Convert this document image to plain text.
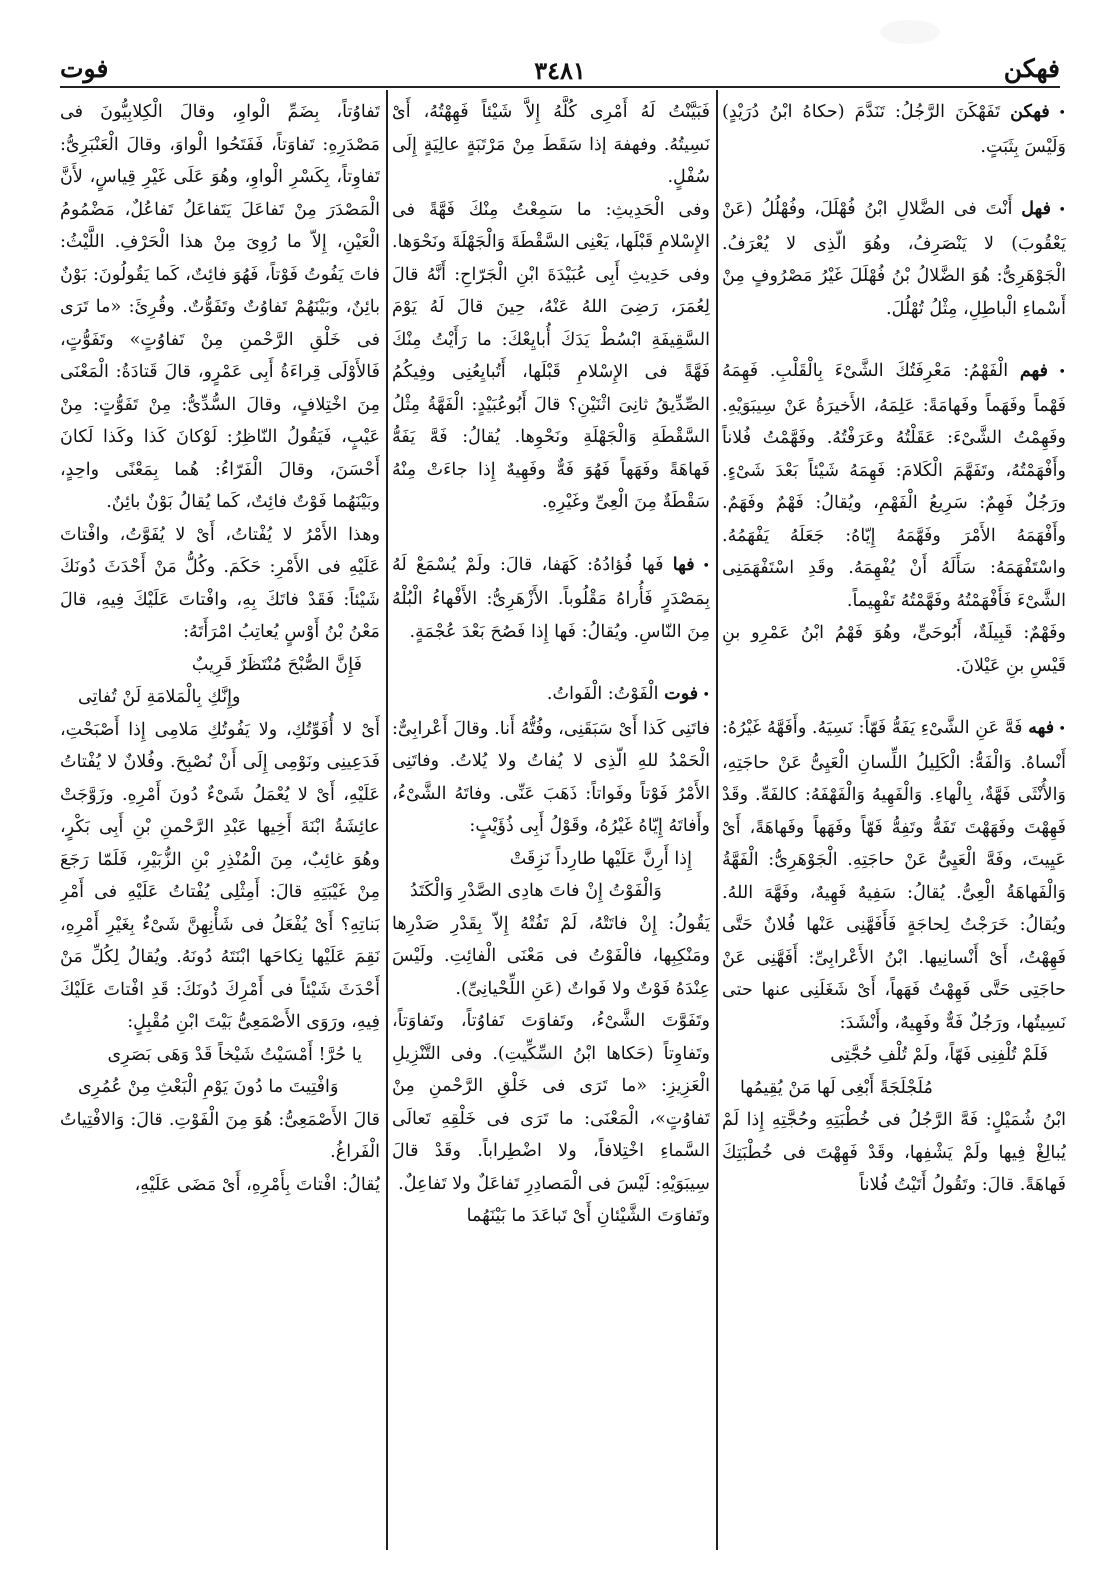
فهكن
٣٤٨١
فوت

• فهكن تَفَهْكَنَ الرَّجُلُ: تَنَدَّمَ (حكاهُ ابْنُ دُرَيْدٍ) وَلَيْسَ بِثَبَتٍ.

• فهل أَنْتَ فى الضَّلالِ ابْنُ فُهْلَلَ، وفُهْلُلُ (عَنْ يَعْقُوبَ) لا يَنْصَرِفُ، وهُوَ الّذِى لا يُعْرَفُ. الْجَوْهَرِىُّ: هُوَ الضَّلالُ بْنُ فُهْلَلَ غَيْرُ مَصْرُوفٍ مِنْ أَسْماءِ الْباطِلِ، مِثْلُ تُهْلُلَ.

• فهم الْفَهْمُ: مَعْرِفَتُكَ الشَّىْءَ بِالْقَلْبِ. فَهِمَهُ فَهْماً وفَهَماً وفَهامَةً: عَلِمَهُ، الأَخيرَةُ عَنْ سِيبَوَيْهِ. وفَهِمْتُ الشَّىْءَ: عَقَلْتُهُ وعَرَفْتُهُ. وفَهَّمْتُ فُلاناً وأَفْهَمْتُهُ، وتَفَهَّمَ الْكَلامَ: فَهِمَهُ شَيْئاً بَعْدَ شَىْءٍ. ورَجُلٌ فَهِمٌ: سَرِيعُ الْفَهْمِ، ويُقالُ: فَهْمٌ وفَهَمٌ. وأَفْهَمَهُ الأَمْرَ وفَهَّمَهُ إِيّاهُ: جَعَلَهُ يَفْهَمُهُ. واسْتَفْهَمَهُ: سَأَلَهُ أَنْ يُفْهِمَهُ. وقَدِ اسْتَفْهَمَنِى الشَّىْءَ فَأَفْهَمْتُهُ وفَهَّمْتُهُ تَفْهِيماً.

وفَهْمٌ: قَبِيلَةٌ، أَبُوحَىٍّ، وهُوَ فَهْمُ ابْنُ عَمْرِو بنِ قَيْسِ بنِ عَيْلانَ.

• فهه فَهَّ عَنِ الشَّىْءِ يَفَهُّ فَهّاً: نَسِيَهُ. وأَفَهَّهُ غَيْرُهُ: أَنْساهُ. وَالْفَهُّ: الْكَلِيلُ اللِّسانِ الْعَيِىُّ عَنْ حاجَتِهِ، وَالأُنْثَى فَهَّةٌ، بِالْهاءِ. وَالْفَهِيهُ وَالْفَهْفَهُ: كالفَهِّ. وقَدْ فَهِهْتَ وفَهَهْتَ تَفَهُّ وتَفِهُّ فَهّاً وفَهَهاً وفَهاهَةً، أَىْ عَيِيتَ، وفَهَّ الْعَيِىُّ عَنْ حاجَتِهِ. الْجَوْهَرِىُّ: الْفَهَّةُ وَالْفَهاهَةُ الْعِىُّ. يُقالُ: سَفِيهٌ فَهِيهٌ، وفَهَّهَ اللهُ. ويُقالُ: خَرَجْتُ لِحاجَةٍ فَأَفَهَّنِى عَنْها فُلانٌ حَتَّى فَهِهْتُ، أَىْ أَنْسانِيها. ابْنُ الأَعْرابِىِّ: أَفَهَّنِى عَنْ حاجَتِى حَتَّى فَهِهْتُ فَهَهاً، أَىْ شَغَلَنِى عنها حتى نَسِيتُها، ورَجُلٌ فَهٌّ وفَهِيهٌ، وأَنْشَدَ:

فَلَمْ تُلْفِنِى فَهّاً، ولَمْ تُلْفِ حُجَّتِى

مُلَجْلَجَةً أَبْغِى لَها مَنْ يُقِيمُها

ابْنُ شُمَيْلٍ: فَهَّ الرَّجُلُ فى خُطْبَتِهِ وحُجَّتِهِ إِذا لَمْ يُبالِغْ فِيها ولَمْ يَشْفِها، وقَدْ فَهِهْتَ فى خُطْبَتِكَ فَهاهَةً. قالَ: وتَقُولُ أَتَيْتُ فُلاناً

فَبَيَّنْتُ لَهُ أَمْرِى كُلَّهُ إِلاَّ شَيْئاً فَهِهْتُهُ، أَىْ نَسِيتُهُ. وفهفهَ إذا سَقَطَ مِنْ مَرْتَبَةٍ عالِيَةٍ إِلَى سُفْلٍ.

وفى الْحَدِيثِ: ما سَمِعْتُ مِنْكَ فَهَّةً فى الإِسْلامِ قَبْلَها، يَعْنِى السَّقْطَةَ وَالْجَهْلَةَ ونَحْوَها. وفى حَدِيثِ أَبِى عُبَيْدَةَ ابْنِ الْجَرّاحِ: أَنَّهُ قالَ لِعُمَرَ، رَضِىَ اللهُ عَنْهُ، حِينَ قالَ لَهُ يَوْمَ السَّقِيفَةِ ابْسُطْ يَدَكَ أُبايِعْكَ: ما رَأَيْتُ مِنْكَ فَهَّةً فى الإِسْلامِ قَبْلَها، أَتُبايِعُنِى وفِيكُمُ الصِّدِّيقُ ثانِىَ اثْنَيْنِ؟ قالَ أَبُوعُبَيْدٍ: الْفَهَّةُ مِثْلُ السَّقْطَةِ وَالْجَهْلَةِ ونَحْوِها. يُقالُ: فَهَّ يَفَهُّ فَهاهَةً وفَهَهاً فَهُوَ فَهٌّ وفَهِيهٌ إِذا جاءَتْ مِنْهُ سَقْطَةٌ مِنَ الْعِىِّ وغَيْرِهِ.

• فها فَها فُؤادُهُ: كَهَفا، قالَ: ولَمْ يُسْمَعْ لَهُ بِمَصْدَرٍ فَأُراهُ مَقْلُوباً. الأَزْهَرِىُّ: الأَفْهاءُ الْبُلْهُ مِنَ النّاسِ. ويُقالُ: فَها إِذا فَصُحَ بَعْدَ عُجْمَةٍ.

• فوت الْفَوْتُ: الْفَواتُ.

فاتَنِى كَذا أَىْ سَبَقَنِى، وفُتُّهُ أَنا. وقالَ أَعْرابِىٌّ: الْحَمْدُ للهِ الّذِى لا يُفاتُ ولا يُلاتُ. وفاتَنِى الأَمْرُ فَوْتاً وفَواتاً: ذَهَبَ عَنِّى. وفاتَهُ الشَّىْءُ، وأَفاتَهُ إِيّاهُ غَيْرُهُ، وقَوْلُ أَبِى ذُؤَيْبٍ:

إِذا أَرِنَّ عَلَيْها طارِداً نَزِقَتْ

وَالْفَوْتُ إِنْ فاتَ هادِى الصَّدْرِ وَالْكَتَدُ

يَقُولُ: إِنْ فاتَتْهُ، لَمْ تَفُتْهُ إِلاّ بِقَدْرِ صَدْرِها ومَنْكِبِها، فالْفَوْتُ فى مَعْنَى الْفائِتِ. ولَيْسَ عِنْدَهُ فَوْتٌ ولا فَواتٌ (عَنِ اللِّحْيانِىِّ).

وتَفَوَّتَ الشَّىْءُ، وتَفاوَتَ تَفاوُتاً، وتَفاوَتاً، وتَفاوِتاً (حَكاها ابْنُ السِّكِّيتِ). وفى التَّنْزِيلِ الْعَزِيزِ: «ما تَرَى فى خَلْقِ الرَّحْمنِ مِنْ تَفاوُتٍ»، الْمَعْنَى: ما تَرَى فى خَلْقِهِ تَعالَى السَّماءِ اخْتِلافاً، ولا اضْطِراباً. وقَدْ قالَ سِيبَوَيْهِ: لَيْسَ فى الْمَصادِرِ تَفاعَلٌ ولا تَفاعِلٌ.

وتَفاوَتَ الشَّيْئانِ أَىْ تَباعَدَ ما بَيْنَهُما

تَفاوُتاً، بِضَمِّ الْواوِ، وقالَ الْكِلابِيُّونَ فى مَصْدَرِهِ: تَفاوَتاً، فَفَتَحُوا الْواوَ، وقالَ الْعَنْبَرِىُّ: تَفاوِتاً، بِكَسْرِ الْواوِ، وهُوَ عَلَى غَيْرِ قِياسٍ، لأَنَّ الْمَصْدَرَ مِنْ تَفاعَلَ يَتَفاعَلُ تَفاعُلٌ، مَضْمُومُ الْعَيْنِ، إِلاّ ما رُوِىَ مِنْ هذا الْحَرْفِ. اللَّيْثُ: فاتَ يَفُوتُ فَوْتاً، فَهُوَ فائِتٌ، كَما يَقُولُونَ: بَوْنٌ بائِنٌ، وبَيْنَهُمْ تَفاوُتٌ وتَفَوُّتٌ. وقُرِئَ: «ما تَرَى فى خَلْقِ الرَّحْمنِ مِنْ تَفاوُتٍ» وتَفَوُّتٍ، فَالأَوْلَى قِراءَةُ أَبِى عَمْرٍو، قالَ قَتادَةُ: الْمَعْنَى مِنَ اخْتِلافٍ، وقالَ السُّدِّىُّ: مِنْ تَفَوُّتٍ: مِنْ عَيْبٍ، فَيَقُولُ النّاظِرُ: لَوْكانَ كَذا وكَذا لَكانَ أَحْسَنَ، وقالَ الْفَرّاءُ: هُما بِمَعْنًى واحِدٍ، وبَيْنَهُما فَوْتٌ فائِتٌ، كَما يُقالُ بَوْنٌ بائِنٌ.

وهذا الأَمْرُ لا يُفْتاتُ، أَىْ لا يُفَوَّتُ، وافْتاتَ عَلَيْهِ فى الأَمْرِ: حَكَمَ. وكُلُّ مَنْ أَحْدَثَ دُونَكَ شَيْئاً: فَقَدْ فاتَكَ بِهِ، وافْتاتَ عَلَيْكَ فِيهِ، قالَ مَعْنُ بْنُ أَوْسٍ يُعاتِبُ امْرَأَتَهُ:

فَإِنَّ الصُّبْحَ مُنْتَظَرٌ قَرِيبٌ

وإِنَّكِ بِالْمَلامَةِ لَنْ تُفاتِى

أَىْ لا أُفَوِّتُكِ، ولا يَفُوتُكِ مَلامِى إِذا أَصْبَحْتِ، فَدَعِينِى ونَوْمِى إِلَى أَنْ نُصْبِحَ. وفُلانٌ لا يُفْتاتُ عَلَيْهِ، أَىْ لا يُعْمَلُ شَىْءٌ دُونَ أَمْرِهِ. وزَوَّجَتْ عائِشَةُ ابْنَةَ أَخِيها عَبْدِ الرَّحْمنِ بْنِ أَبِى بَكْرٍ، وهُوَ غائِبٌ، مِنَ الْمُنْذِرِ بْنِ الزُّبَيْرِ، فَلَمّا رَجَعَ مِنْ غَيْبَتِهِ قالَ: أَمِثْلِى يُفْتاتُ عَلَيْهِ فى أَمْرِ بَناتِهِ؟ أَىْ يُفْعَلُ فى شَأْنِهِنَّ شَىْءٌ بِغَيْرِ أَمْرِهِ، نَقِمَ عَلَيْها نِكاحَها ابْنَتَهُ دُونَهُ. ويُقالُ لِكُلِّ مَنْ أَحْدَثَ شَيْئاً فى أَمْرِكَ دُونَكَ: قَدِ افْتاتَ عَلَيْكَ فِيهِ، ورَوَى الأَصْمَعِىُّ بَيْتَ ابْنِ مُقْبِلٍ:

يا حُرَّ! أَمْسَيْتُ شَيْخاً قَدْ وَهَى بَصَرِى

وَافْتِيتَ ما دُونَ يَوْمِ الْبَعْثِ مِنْ عُمُرِى

قالَ الأَصْمَعِىُّ: هُوَ مِنَ الْفَوْتِ. قالَ: وَالافْتِياتُ الْفَراغُ.

يُقالُ: افْتاتَ بِأَمْرِهِ، أَىْ مَضَى عَلَيْهِ،
